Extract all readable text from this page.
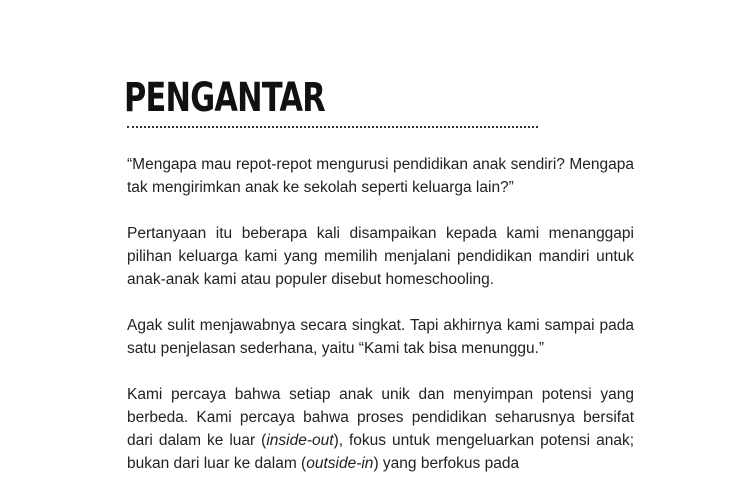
PENGANTAR

“Mengapa mau repot-repot mengurusi pendidikan anak sendiri? Mengapa tak mengirimkan anak ke sekolah seperti keluarga lain?”

Pertanyaan itu beberapa kali disampaikan kepada kami menanggapi pilihan keluarga kami yang memilih menjalani pendidikan mandiri untuk anak-anak kami atau populer disebut homeschooling.

Agak sulit menjawabnya secara singkat. Tapi akhirnya kami sampai pada satu penjelasan sederhana, yaitu “Kami tak bisa menunggu.”

Kami percaya bahwa setiap anak unik dan menyimpan potensi yang berbeda. Kami percaya bahwa proses pendidikan seharusnya bersifat dari dalam ke luar (inside-out), fokus untuk mengeluarkan potensi anak; bukan dari luar ke dalam (outside-in) yang berfokus pada
